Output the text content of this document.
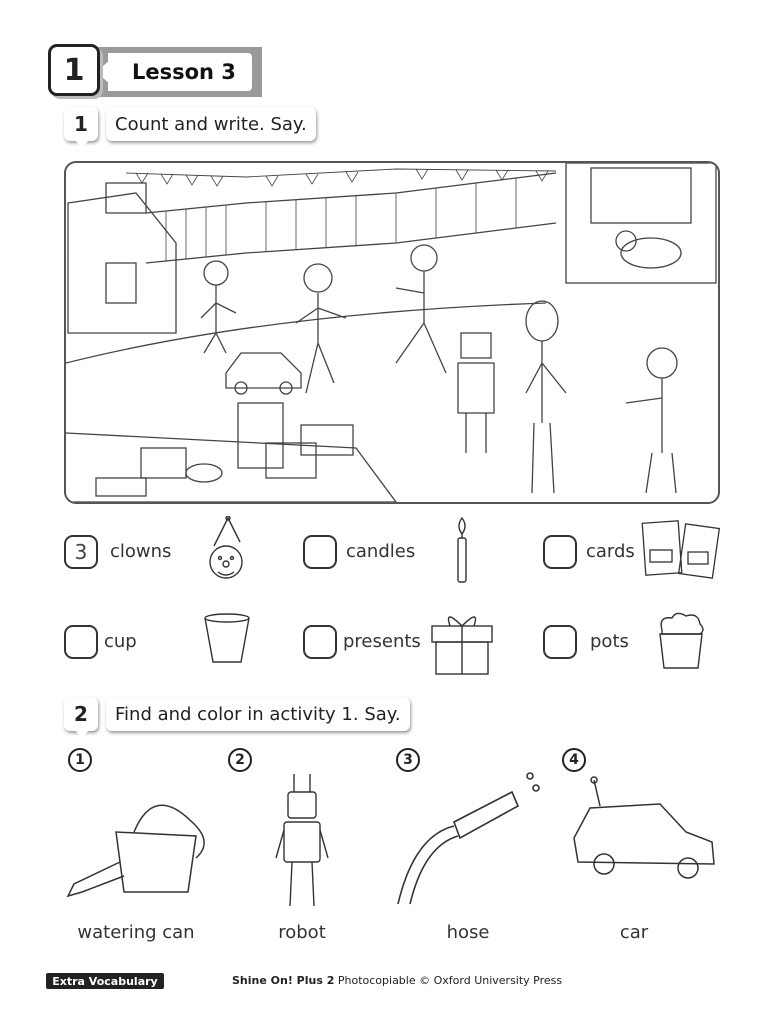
Lesson 3
1
1	Count and write. Say.
3	clowns	candles	cards
cup	presents	pots
2	Find and color in activity 1. Say.
1	2	3	4
watering can	robot	hose	car
Extra Vocabulary	Shine On! Plus 2 Photocopiable © Oxford University Press
